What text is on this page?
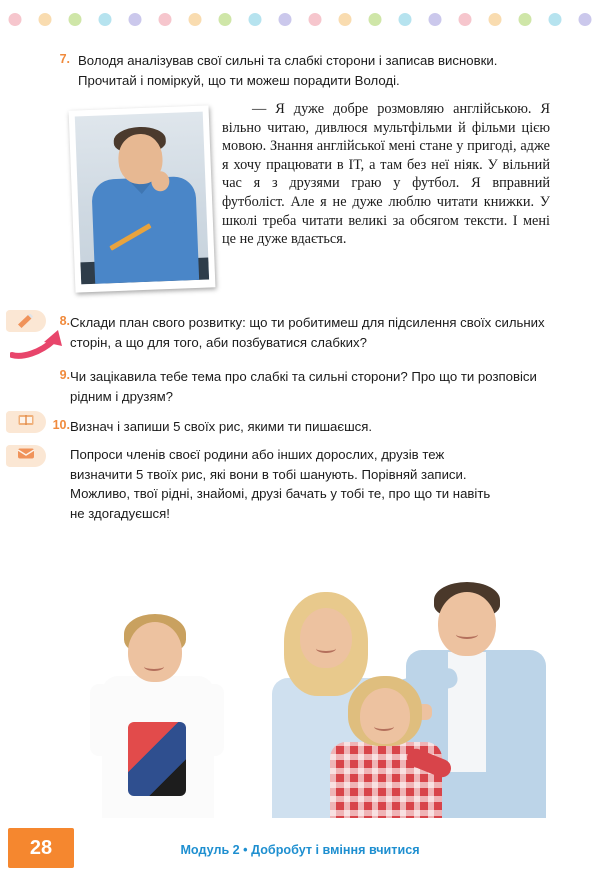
7. Володя аналізував свої сильні та слабкі сторони і записав висновки. Прочитай і поміркуй, що ти можеш порадити Володі.
— Я дуже добре розмовляю англійською. Я вільно читаю, дивлюся мультфільми й фільми цією мовою. Знання англійської мені стане у пригоді, адже я хочу працювати в ІТ, а там без неї ніяк. У вільний час я з друзями граю у футбол. Я вправний футболіст. Але я не дуже люблю читати книжки. У школі треба читати великі за обсягом тексти. І мені це не дуже вдається.
8. Склади план свого розвитку: що ти робитимеш для підсилення своїх сильних сторін, а що для того, аби позбуватися слабких?
9. Чи зацікавила тебе тема про слабкі та сильні сторони? Про що ти розповіси рідним і друзям?
10. Визнач і запиши 5 своїх рис, якими ти пишаєшся.
Попроси членів своєї родини або інших дорослих, друзів теж визначити 5 твоїх рис, які вони в тобі шанують. Порівняй записи. Можливо, твої рідні, знайомі, друзі бачать у тобі те, про що ти навіть не здогадуєшся!
28	Модуль 2 • Добробут і вміння вчитися
